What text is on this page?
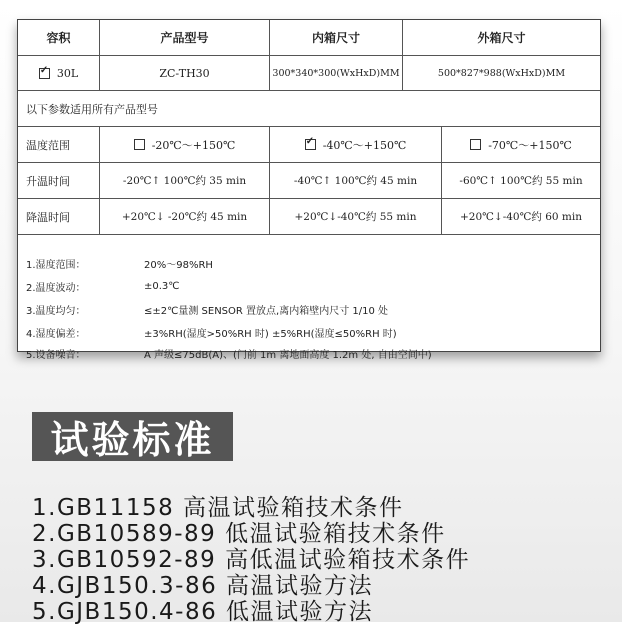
容积	产品型号	内箱尺寸	外箱尺寸
✓
30L	ZC-TH30	300*340*300(WxHxD)MM	500*827*988(WxHxD)MM
以下参数适用所有产品型号
温度范围	-20℃～+150℃
✓	-40℃～+150℃	-70℃～+150℃
升温时间	-20℃↑ 100℃约 35 min	-40℃↑ 100℃约 45 min	-60℃↑ 100℃约 55 min
降温时间	+20℃↓ -20℃约 45 min	+20℃↓-40℃约 55 min	+20℃↓-40℃约 60 min
1.湿度范围：	20%～98%RH
2.温度波动：	±0.3℃
3.温度均匀：	≤±2℃量测 SENSOR 置放点,离内箱壁内尺寸 1/10 处
4.湿度偏差：	±3%RH(湿度>50%RH 时) ±5%RH(湿度≤50%RH 时)
5.设备噪音：	A 声级≤75dB(A)、(门前 1m 离地面高度 1.2m 处, 自由空间中)
试验标准
1.GB11158 高温试验箱技术条件
2.GB10589-89 低温试验箱技术条件
3.GB10592-89 高低温试验箱技术条件
4.GJB150.3-86 高温试验方法
5.GJB150.4-86 低温试验方法
